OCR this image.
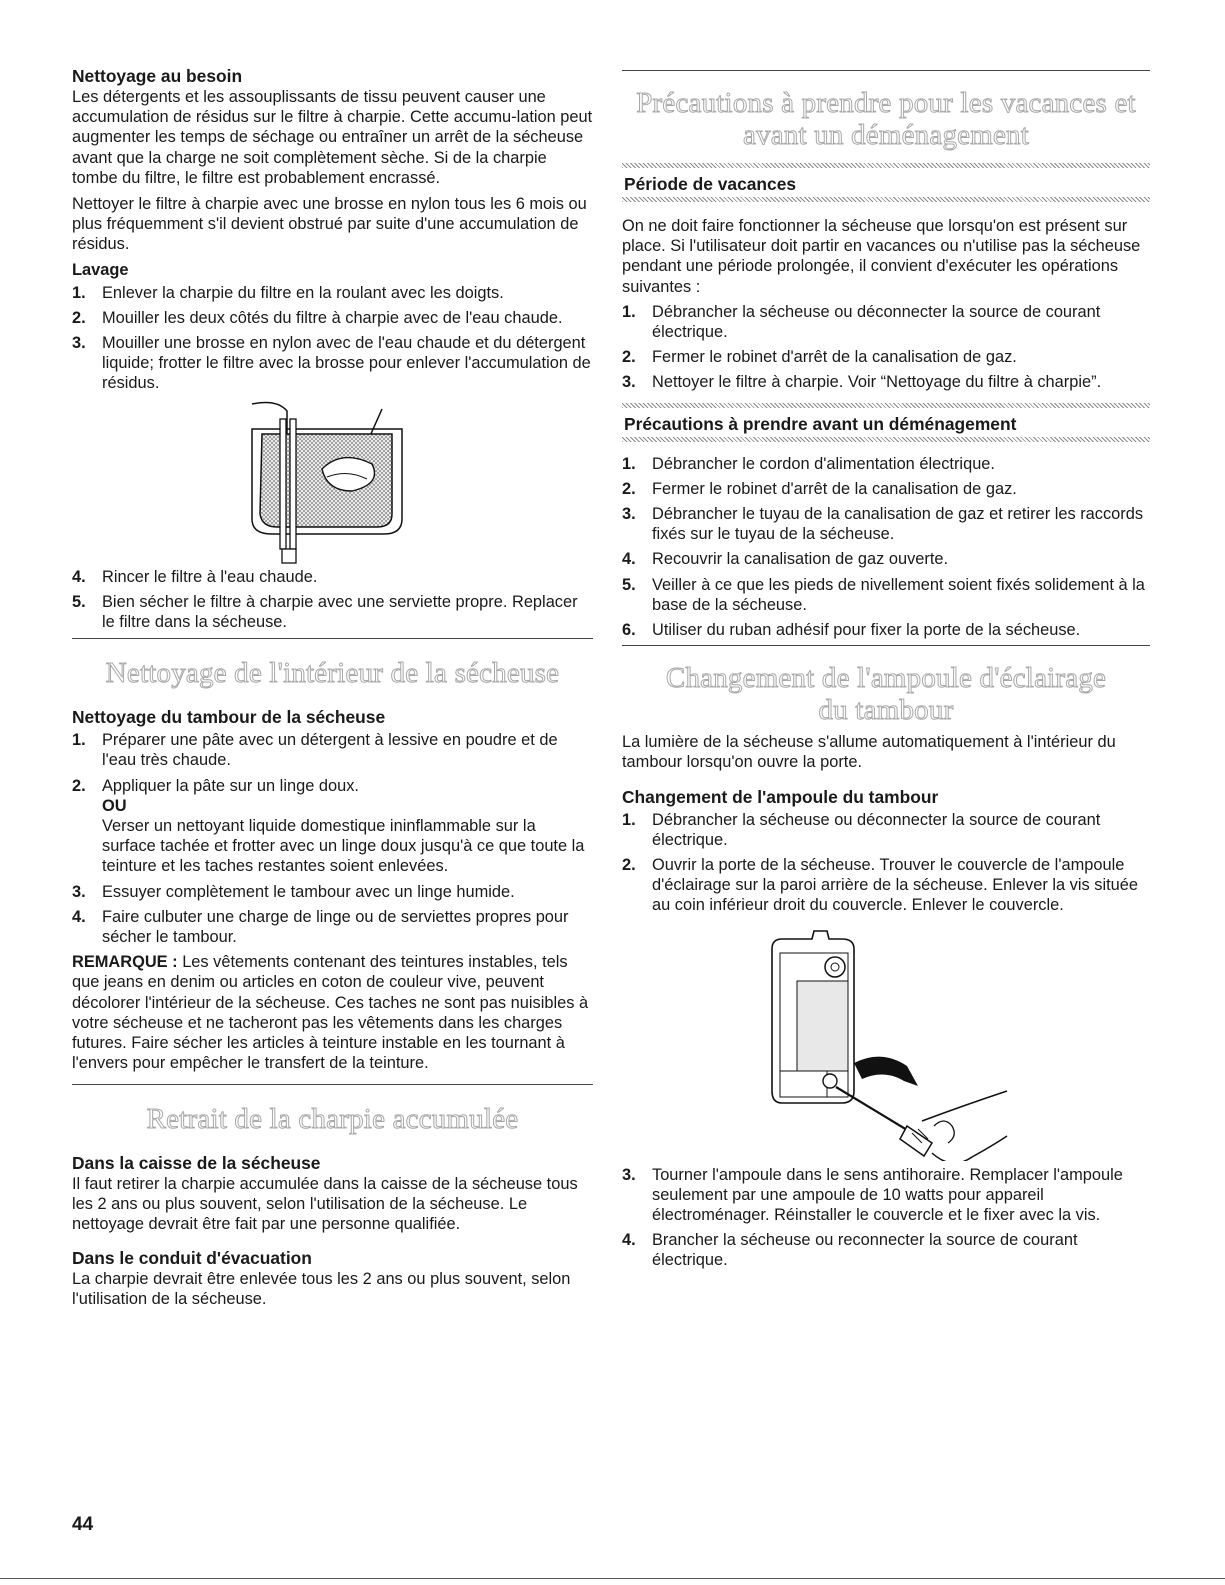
Nettoyage au besoin

Les détergents et les assouplissants de tissu peuvent causer une accumulation de résidus sur le filtre à charpie. Cette accumu-lation peut augmenter les temps de séchage ou entraîner un arrêt de la sécheuse avant que la charge ne soit complètement sèche. Si de la charpie tombe du filtre, le filtre est probablement encrassé.

Nettoyer le filtre à charpie avec une brosse en nylon tous les 6 mois ou plus fréquemment s'il devient obstrué par suite d'une accumulation de résidus.

Lavage
1. Enlever la charpie du filtre en la roulant avec les doigts.
2. Mouiller les deux côtés du filtre à charpie avec de l'eau chaude.
3. Mouiller une brosse en nylon avec de l'eau chaude et du détergent liquide; frotter le filtre avec la brosse pour enlever l'accumulation de résidus.
4. Rincer le filtre à l'eau chaude.
5. Bien sécher le filtre à charpie avec une serviette propre. Replacer le filtre dans la sécheuse.
Nettoyage de l'intérieur de la sécheuse
Nettoyage du tambour de la sécheuse
1. Préparer une pâte avec un détergent à lessive en poudre et de l'eau très chaude.
2. Appliquer la pâte sur un linge doux.
OU
Verser un nettoyant liquide domestique ininflammable sur la surface tachée et frotter avec un linge doux jusqu'à ce que toute la teinture et les taches restantes soient enlevées.
3. Essuyer complètement le tambour avec un linge humide.
4. Faire culbuter une charge de linge ou de serviettes propres pour sécher le tambour.

REMARQUE : Les vêtements contenant des teintures instables, tels que jeans en denim ou articles en coton de couleur vive, peuvent décolorer l'intérieur de la sécheuse. Ces taches ne sont pas nuisibles à votre sécheuse et ne tacheront pas les vêtements dans les charges futures. Faire sécher les articles à teinture instable en les tournant à l'envers pour empêcher le transfert de la teinture.

Retrait de la charpie accumulée
Dans la caisse de la sécheuse

Il faut retirer la charpie accumulée dans la caisse de la sécheuse tous les 2 ans ou plus souvent, selon l'utilisation de la sécheuse. Le nettoyage devrait être fait par une personne qualifiée.

Dans le conduit d'évacuation

La charpie devrait être enlevée tous les 2 ans ou plus souvent, selon l'utilisation de la sécheuse.

Précautions à prendre pour les vacances et avant un déménagement
Période de vacances

On ne doit faire fonctionner la sécheuse que lorsqu'on est présent sur place. Si l'utilisateur doit partir en vacances ou n'utilise pas la sécheuse pendant une période prolongée, il convient d'exécuter les opérations suivantes :

1. Débrancher la sécheuse ou déconnecter la source de courant électrique.
2. Fermer le robinet d'arrêt de la canalisation de gaz.
3. Nettoyer le filtre à charpie. Voir “Nettoyage du filtre à charpie”.
Précautions à prendre avant un déménagement
1. Débrancher le cordon d'alimentation électrique.
2. Fermer le robinet d'arrêt de la canalisation de gaz.
3. Débrancher le tuyau de la canalisation de gaz et retirer les raccords fixés sur le tuyau de la sécheuse.
4. Recouvrir la canalisation de gaz ouverte.
5. Veiller à ce que les pieds de nivellement soient fixés solidement à la base de la sécheuse.
6. Utiliser du ruban adhésif pour fixer la porte de la sécheuse.
Changement de l'ampoule d'éclairage du tambour

La lumière de la sécheuse s'allume automatiquement à l'intérieur du tambour lorsqu'on ouvre la porte.

Changement de l'ampoule du tambour
1. Débrancher la sécheuse ou déconnecter la source de courant électrique.
2. Ouvrir la porte de la sécheuse. Trouver le couvercle de l'ampoule d'éclairage sur la paroi arrière de la sécheuse. Enlever la vis située au coin inférieur droit du couvercle. Enlever le couvercle.
3. Tourner l'ampoule dans le sens antihoraire. Remplacer l'ampoule seulement par une ampoule de 10 watts pour appareil électroménager. Réinstaller le couvercle et le fixer avec la vis.
4. Brancher la sécheuse ou reconnecter la source de courant électrique.
44
